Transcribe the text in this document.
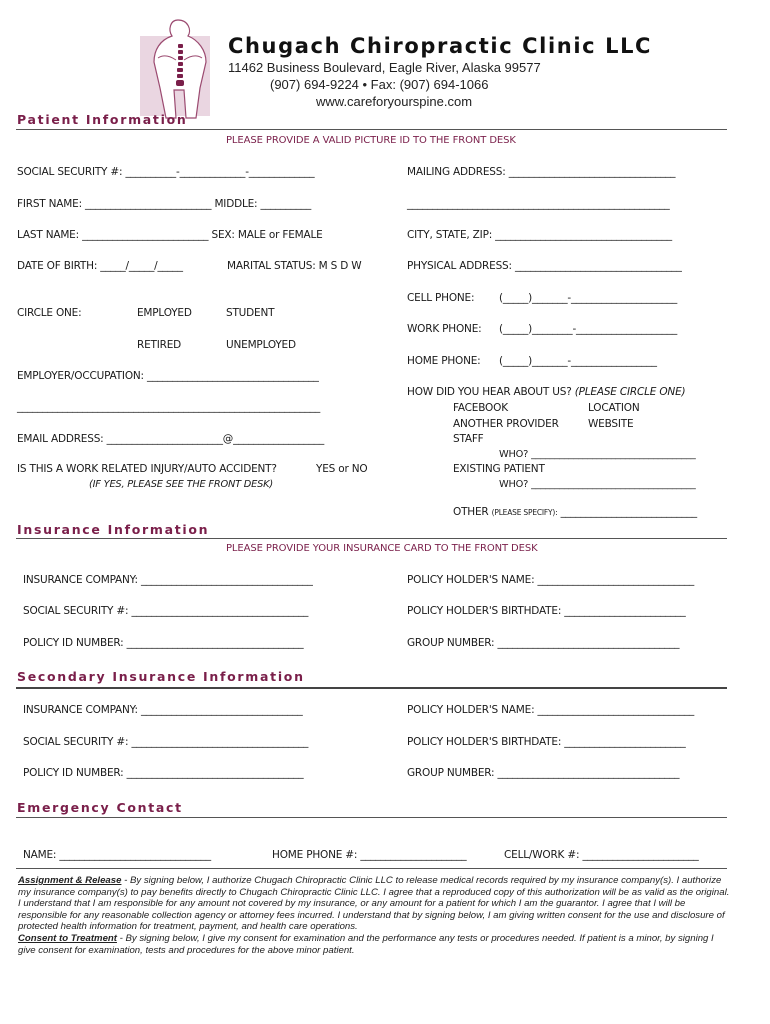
Chugach Chiropractic Clinic LLC
11462 Business Boulevard, Eagle River, Alaska 99577
(907) 694-9224 • Fax: (907) 694-1066
www.careforyourspine.com
Patient Information
PLEASE PROVIDE A VALID PICTURE ID TO THE FRONT DESK
SOCIAL SECURITY #: __________-_____________-_____________
FIRST NAME: _________________________ MIDDLE: __________
LAST NAME: _________________________ SEX: MALE or FEMALE
DATE OF BIRTH: _____/_____/_____	MARITAL STATUS: M S D W
CIRCLE ONE:	EMPLOYED	STUDENT
RETIRED	UNEMPLOYED
EMPLOYER/OCCUPATION: __________________________________
____________________________________________________________
EMAIL ADDRESS: _______________________@__________________
IS THIS A WORK RELATED INJURY/AUTO ACCIDENT?	YES or NO
(IF YES, PLEASE SEE THE FRONT DESK)
MAILING ADDRESS: _________________________________
____________________________________________________
CITY, STATE, ZIP: ___________________________________
PHYSICAL ADDRESS: _________________________________
CELL PHONE: (_____)_______-_____________________
WORK PHONE: (_____)________-____________________
HOME PHONE: (_____)_______-_________________
HOW DID YOU HEAR ABOUT US? (PLEASE CIRCLE ONE)
FACEBOOK	LOCATION
ANOTHER PROVIDER	WEBSITE
STAFF
WHO? ___________________________________
EXISTING PATIENT
WHO? ___________________________________
OTHER (PLEASE SPECIFY): ___________________________
Insurance Information
PLEASE PROVIDE YOUR INSURANCE CARD TO THE FRONT DESK
INSURANCE COMPANY: __________________________________
SOCIAL SECURITY #: ___________________________________
POLICY ID NUMBER: ___________________________________
POLICY HOLDER'S NAME: _______________________________
POLICY HOLDER'S BIRTHDATE: ________________________
GROUP NUMBER: ____________________________________
Secondary Insurance Information
INSURANCE COMPANY: ________________________________
SOCIAL SECURITY #: ___________________________________
POLICY ID NUMBER: ___________________________________
POLICY HOLDER'S NAME: _______________________________
POLICY HOLDER'S BIRTHDATE: ________________________
GROUP NUMBER: ____________________________________
Emergency Contact
NAME: ______________________________	HOME PHONE #: _____________________	CELL/WORK #: _______________________
Assignment & Release - By signing below, I authorize Chugach Chiropractic Clinic LLC to release medical records required by my insurance company(s). I authorize my insurance company(s) to pay benefits directly to Chugach Chiropractic Clinic LLC. I agree that a reproduced copy of this authorization will be as valid as the original. I understand that I am responsible for any amount not covered by my insurance, or any amount for a patient for which I am the guarantor. I agree that I will be responsible for any reasonable collection agency or attorney fees incurred. I understand that by signing below, I am giving written consent for the use and disclosure of protected health information for treatment, payment, and health care operations.
Consent to Treatment - By signing below, I give my consent for examination and the performance any tests or procedures needed. If patient is a minor, by signing I give consent for examination, tests and procedures for the above minor patient.
